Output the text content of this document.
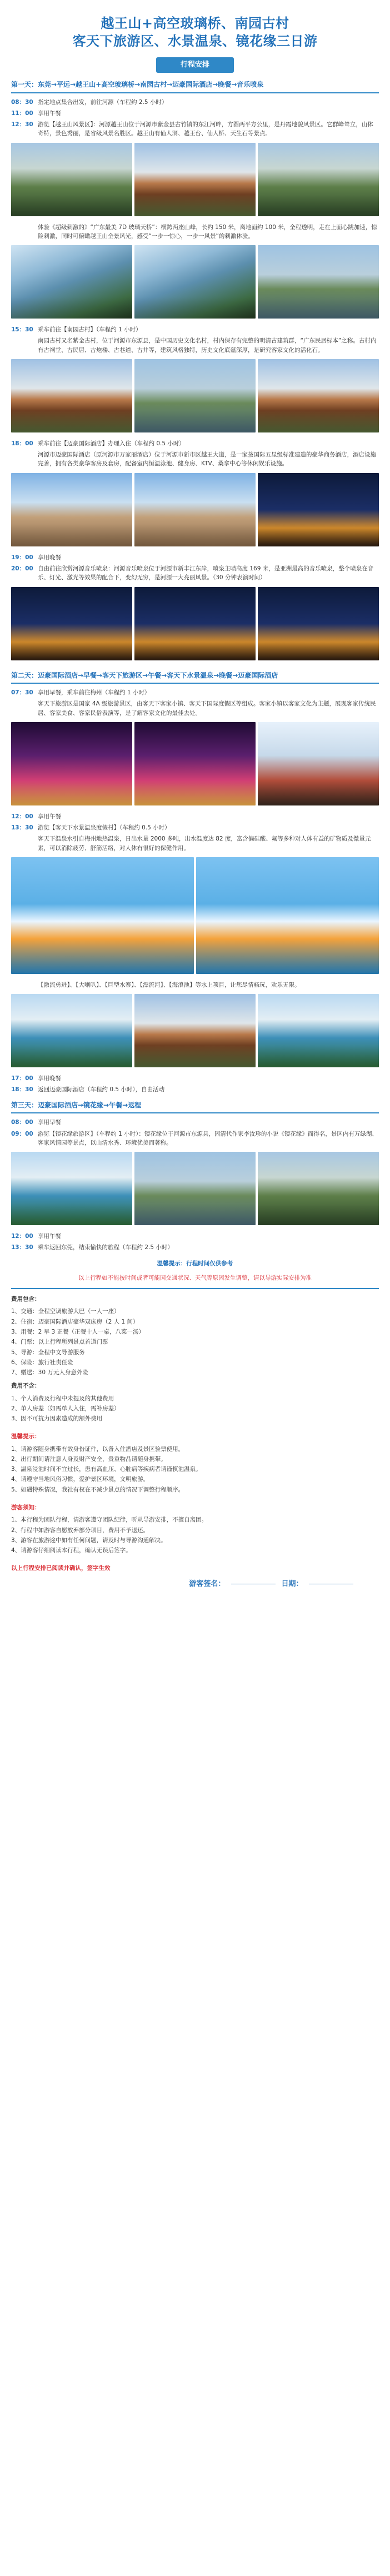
越王山+高空玻璃桥、南园古村
客天下旅游区、水景温泉、镜花缘三日游
行程安排
第一天：东莞→平远→越王山+高空玻璃桥→南园古村→迈豪国际酒店→晚餐→音乐喷泉
08：30 指定地点集合出发，前往河源（车程约 2.5 小时）
11：00 享用午餐
12：30 游览【越王山风景区】：河源越王山位于河源市紫金县古竹镇的东江河畔，方圆两平方公里，是丹霞地貌风景区。它群峰耸立，山体奇特，景色秀丽，是省级风景名胜区。越王山有仙人洞、越王台、仙人桥、天生石等景点。
体验《超级刺激的》“广东最美 7D 玻璃天桥”：横跨两座山峰，长约 150 米，离地面约 100 米，全程透明，走在上面心跳加速，惊险刺激，同时可俯瞰越王山全景风光，感受“一步一惊心，一步一风景”的刺激体验。
15：30 乘车前往【南园古村】（车程约 1 小时）
南园古村又名紫金古村，位于河源市东源县，是中国历史文化名村，村内保存有完整的明清古建筑群，“广东民居标本”之称。古村内有古祠堂、古民居、古炮楼、古巷道、古井等，建筑风格独特，历史文化底蕴深厚，是研究客家文化的活化石。
18：00 乘车前往【迈豪国际酒店】办理入住（车程约 0.5 小时）
河源市迈豪国际酒店（原河源市万家丽酒店）位于河源市新市区越王大道，是一家按国际五星级标准建造的豪华商务酒店，酒店设施完善，拥有各类豪华客房及套房，配备室内恒温泳池、健身房、KTV、桑拿中心等休闲娱乐设施。
19：00 享用晚餐
20：00 自由前往欣赏河源音乐喷泉：河源音乐喷泉位于河源市新丰江东岸，喷泉主喷高度 169 米，是亚洲最高的音乐喷泉，整个喷泉在音乐、灯光、激光等效果的配合下，变幻无穷，是河源一大亮丽风景。（30 分钟表演时间）
第二天：迈豪国际酒店→早餐→客天下旅游区→午餐→客天下水景温泉→晚餐→迈豪国际酒店
07：30 享用早餐，乘车前往梅州（车程约 1 小时）
客天下旅游区是国家 4A 级旅游景区，由客天下客家小镇、客天下国际度假区等组成。客家小镇以客家文化为主题，展现客家传统民居、客家美食、客家民俗表演等，是了解客家文化的最佳去处。
12：00 享用午餐
13：30 游览【客天下水景温泉度假村】（车程约 0.5 小时）
客天下温泉水引自梅州地热温泉，日出水量 2000 多吨，出水温度达 82 度，富含偏硅酸、氟等多种对人体有益的矿物质及微量元素，可以消除疲劳、舒筋活络，对人体有很好的保健作用。
【激流勇进】、【大喇叭】、【巨型水寨】、【漂流河】、【海浪池】等水上项目，让您尽情畅玩，欢乐无限。
17：00 享用晚餐
18：30 返回迈豪国际酒店（车程约 0.5 小时），自由活动
第三天：迈豪国际酒店→镜花缘→午餐→返程
08：00 享用早餐
09：00 游览【镜花缘旅游区】（车程约 1 小时）：镜花缘位于河源市东源县，因清代作家李汝珍的小说《镜花缘》而得名，景区内有万绿湖、客家风情园等景点，以山清水秀、环境优美而著称。
12：00 享用午餐
13：30 乘车返回东莞，结束愉快的旅程（车程约 2.5 小时）
温馨提示：行程时间仅供参考
以上行程如不能按时间或者可能因交通状况、天气等原因发生调整，请以导游实际安排为准
费用包含：
1、交通：全程空调旅游大巴（一人一座）
2、住宿：迈豪国际酒店豪华双床房（2 人 1 间）
3、用餐：2 早 3 正餐（正餐十人一桌，八菜一汤）
4、门票：以上行程所列景点首道门票
5、导游：全程中文导游服务
6、保险：旅行社责任险
7、赠送：30 万元人身意外险
费用不含：
1、个人消费及行程中未提及的其他费用
2、单人房差（如需单人入住，需补房差）
3、因不可抗力因素造成的额外费用
温馨提示：
1、请游客随身携带有效身份证件，以备入住酒店及景区验票使用。
2、出行期间请注意人身及财产安全，贵重物品请随身携带。
3、温泉浸泡时间不宜过长，患有高血压、心脏病等疾病者请谨慎泡温泉。
4、请遵守当地风俗习惯，爱护景区环境，文明旅游。
5、如遇特殊情况，我社有权在不减少景点的情况下调整行程顺序。
游客须知：
1、本行程为团队行程，请游客遵守团队纪律，听从导游安排，不擅自离团。
2、行程中如游客自愿放弃部分项目，费用不予退还。
3、游客在旅游途中如有任何问题，请及时与导游沟通解决。
4、请游客仔细阅读本行程，确认无误后签字。
以上行程安排已阅读并确认，签字生效
游客签名：	日期：
